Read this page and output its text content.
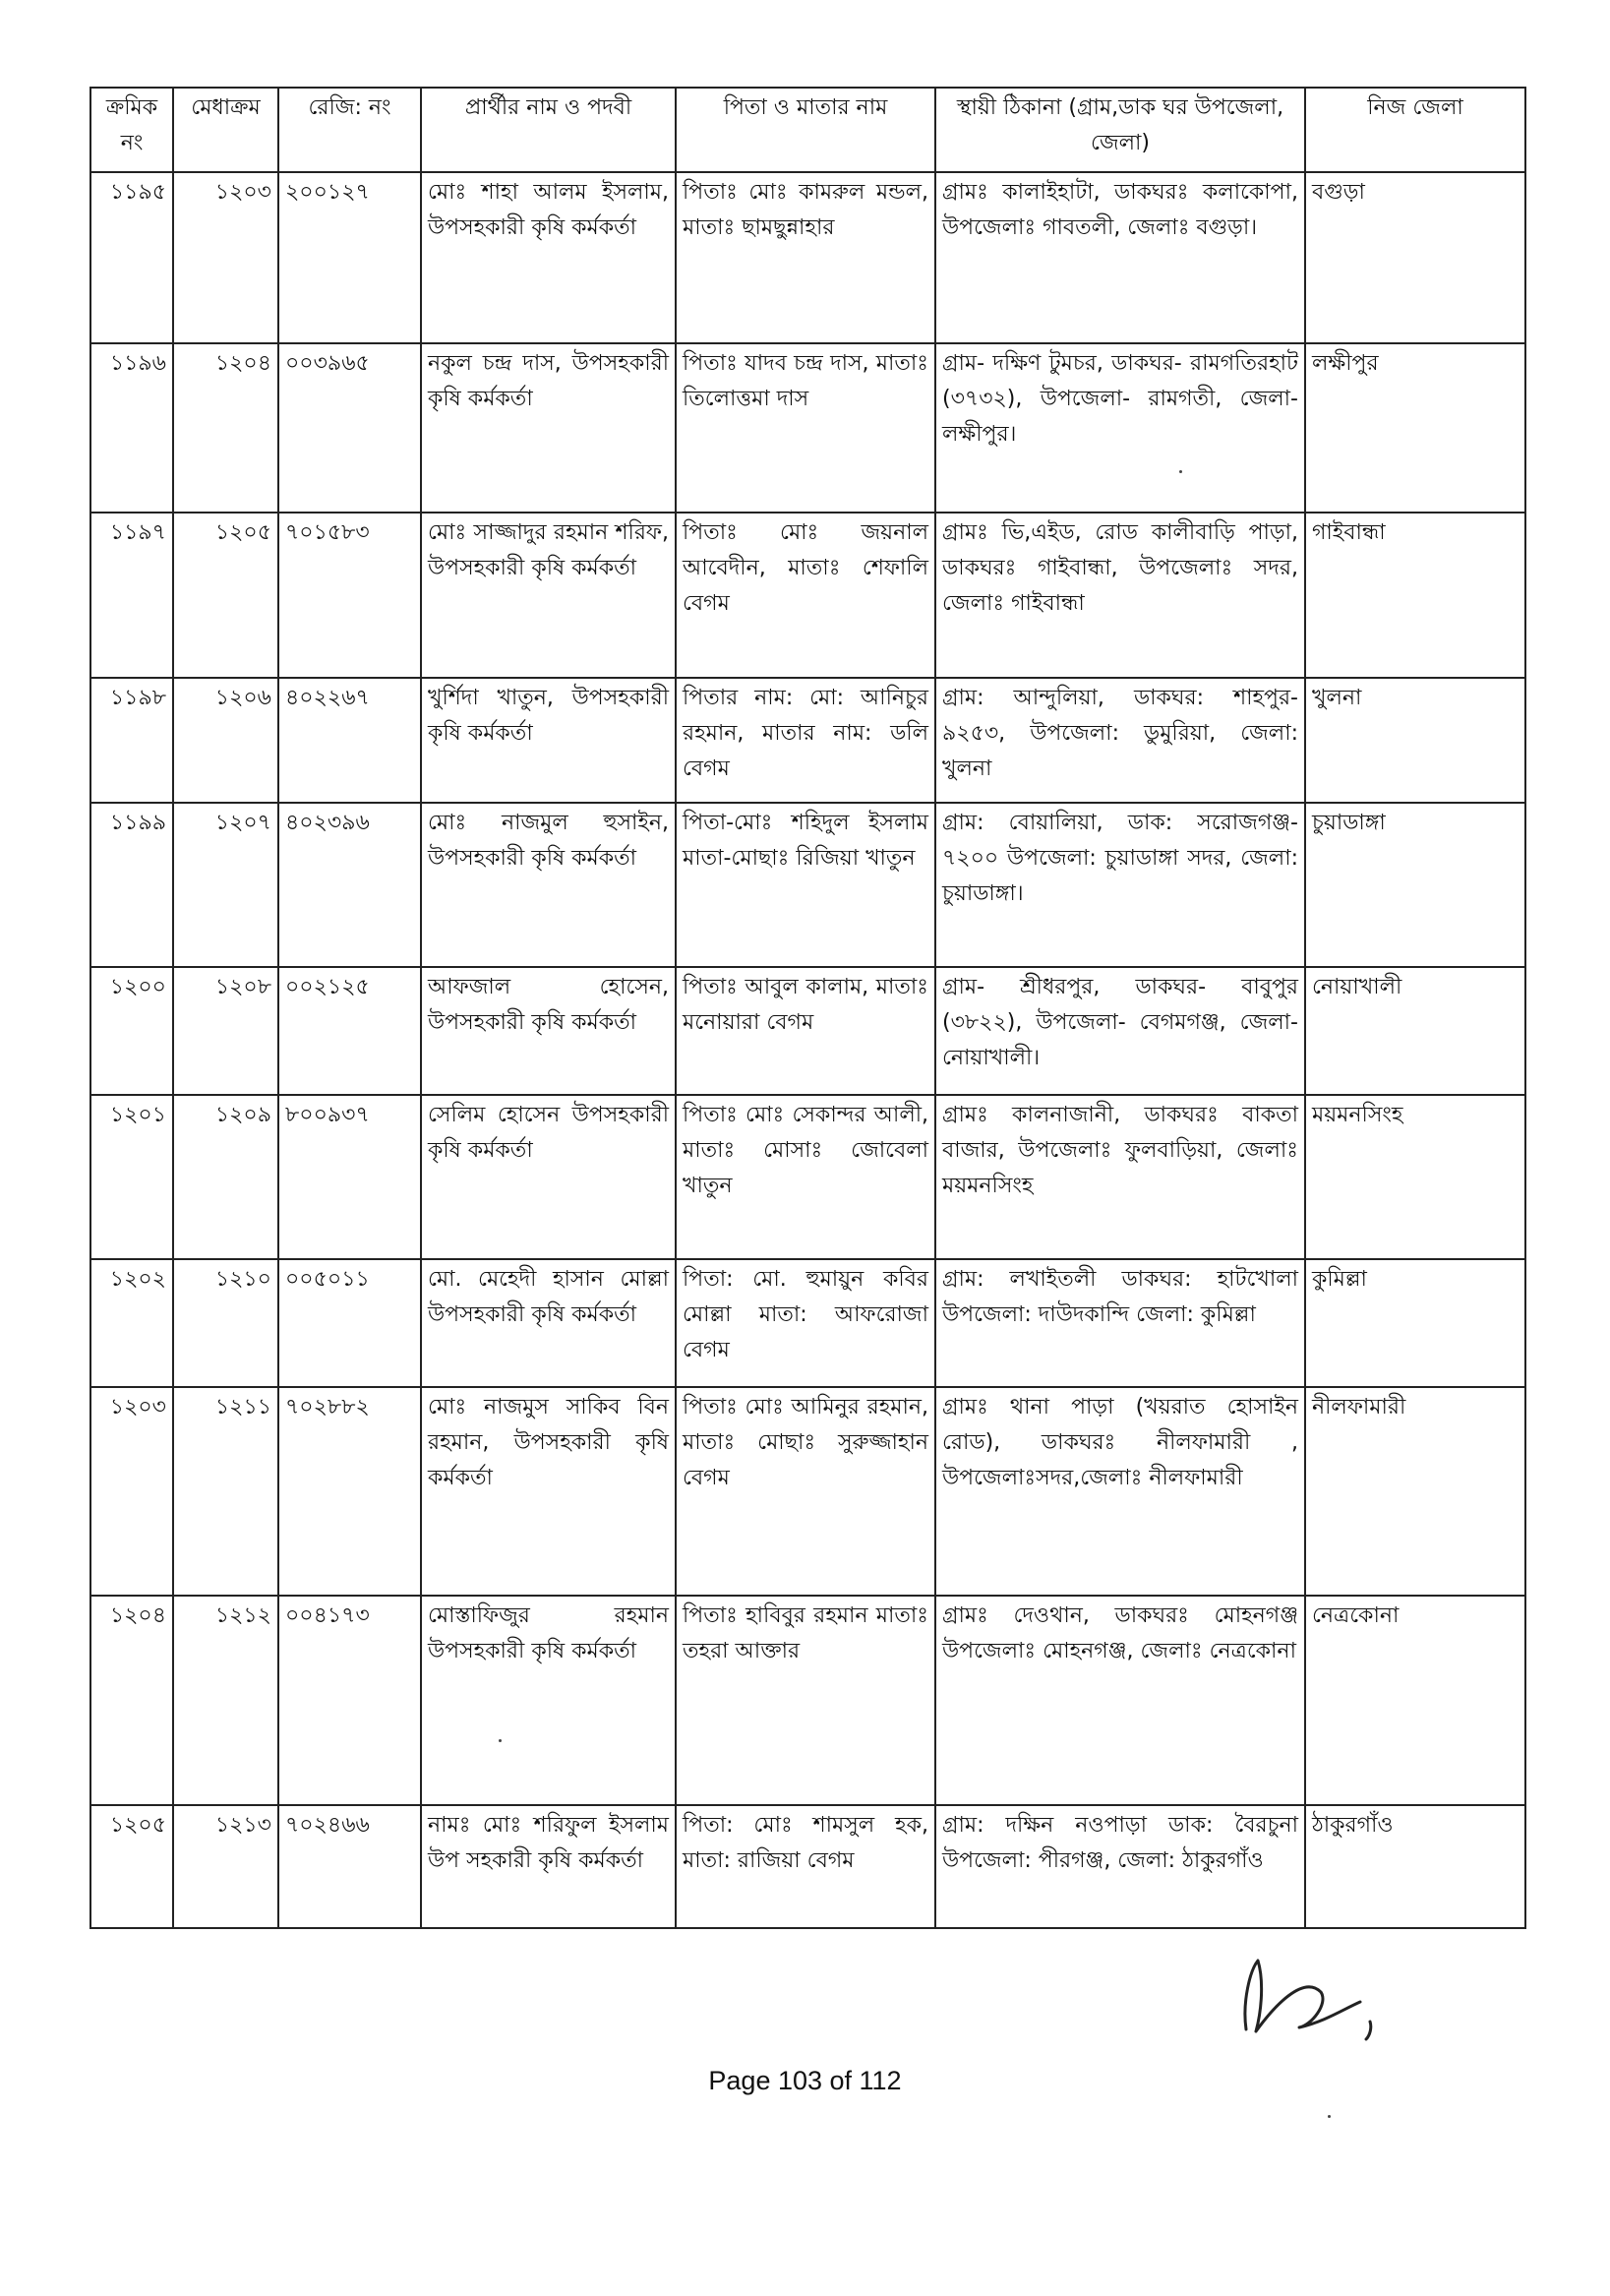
ক্রমিক নং	মেধাক্রম	রেজি: নং	প্রার্থীর নাম ও পদবী	পিতা ও মাতার নাম	স্থায়ী ঠিকানা (গ্রাম,ডাক ঘর উপজেলা, জেলা)	নিজ জেলা
১১৯৫	১২০৩	২০০১২৭	মোঃ শাহা আলম ইসলাম, উপসহকারী কৃষি কর্মকর্তা	পিতাঃ মোঃ কামরুল মন্ডল, মাতাঃ ছামছুন্নাহার	গ্রামঃ কালাইহাটা, ডাকঘরঃ কলাকোপা, উপজেলাঃ গাবতলী, জেলাঃ বগুড়া।	বগুড়া
১১৯৬	১২০৪	০০৩৯৬৫	নকুল চন্দ্র দাস, উপসহকারী কৃষি কর্মকর্তা	পিতাঃ যাদব চন্দ্র দাস, মাতাঃ তিলোত্তমা দাস	গ্রাম- দক্ষিণ টুমচর, ডাকঘর- রামগতিরহাট (৩৭৩২), উপজেলা- রামগতী, জেলা- লক্ষীপুর।	লক্ষীপুর
১১৯৭	১২০৫	৭০১৫৮৩	মোঃ সাজ্জাদুর রহমান শরিফ, উপসহকারী কৃষি কর্মকর্তা	পিতাঃ মোঃ জয়নাল আবেদীন, মাতাঃ শেফালি বেগম	গ্রামঃ ভি,এইড, রোড কালীবাড়ি পাড়া, ডাকঘরঃ গাইবান্ধা, উপজেলাঃ সদর, জেলাঃ গাইবান্ধা	গাইবান্ধা
১১৯৮	১২০৬	৪০২২৬৭	খুর্শিদা খাতুন, উপসহকারী কৃষি কর্মকর্তা	পিতার নাম: মো: আনিচুর রহমান, মাতার নাম: ডলি বেগম	গ্রাম: আন্দুলিয়া, ডাকঘর: শাহপুর- ৯২৫৩, উপজেলা: ডুমুরিয়া, জেলা: খুলনা	খুলনা
১১৯৯	১২০৭	৪০২৩৯৬	মোঃ নাজমুল হুসাইন, উপসহকারী কৃষি কর্মকর্তা	পিতা-মোঃ শহিদুল ইসলাম মাতা-মোছাঃ রিজিয়া খাতুন	গ্রাম: বোয়ালিয়া, ডাক: সরোজগঞ্জ- ৭২০০ উপজেলা: চুয়াডাঙ্গা সদর, জেলা: চুয়াডাঙ্গা।	চুয়াডাঙ্গা
১২০০	১২০৮	০০২১২৫	আফজাল হোসেন, উপসহকারী কৃষি কর্মকর্তা	পিতাঃ আবুল কালাম, মাতাঃ মনোয়ারা বেগম	গ্রাম- শ্রীধরপুর, ডাকঘর- বাবুপুর (৩৮২২), উপজেলা- বেগমগঞ্জ, জেলা- নোয়াখালী।	নোয়াখালী
১২০১	১২০৯	৮০০৯৩৭	সেলিম হোসেন উপসহকারী কৃষি কর্মকর্তা	পিতাঃ মোঃ সেকান্দর আলী, মাতাঃ মোসাঃ জোবেলা খাতুন	গ্রামঃ কালনাজানী, ডাকঘরঃ বাকতা বাজার, উপজেলাঃ ফুলবাড়িয়া, জেলাঃ ময়মনসিংহ	ময়মনসিংহ
১২০২	১২১০	০০৫০১১	মো. মেহেদী হাসান মোল্লা উপসহকারী কৃষি কর্মকর্তা	পিতা: মো. হুমায়ুন কবির মোল্লা মাতা: আফরোজা বেগম	গ্রাম: লখাইতলী ডাকঘর: হাটখোলা উপজেলা: দাউদকান্দি জেলা: কুমিল্লা	কুমিল্লা
১২০৩	১২১১	৭০২৮৮২	মোঃ নাজমুস সাকিব বিন রহমান, উপসহকারী কৃষি কর্মকর্তা	পিতাঃ মোঃ আমিনুর রহমান, মাতাঃ মোছাঃ সুরুজ্জাহান বেগম	গ্রামঃ থানা পাড়া (খয়রাত হোসাইন রোড), ডাকঘরঃ নীলফামারী , উপজেলাঃসদর,জেলাঃ নীলফামারী	নীলফামারী
১২০৪	১২১২	০০৪১৭৩	মোস্তাফিজুর রহমান উপসহকারী কৃষি কর্মকর্তা	পিতাঃ হাবিবুর রহমান মাতাঃ তহরা আক্তার	গ্রামঃ দেওথান, ডাকঘরঃ মোহনগঞ্জ উপজেলাঃ মোহনগঞ্জ, জেলাঃ নেত্রকোনা	নেত্রকোনা
১২০৫	১২১৩	৭০২৪৬৬	নামঃ মোঃ শরিফুল ইসলাম উপ সহকারী কৃষি কর্মকর্তা	পিতা: মোঃ শামসুল হক, মাতা: রাজিয়া বেগম	গ্রাম: দক্ষিন নওপাড়া ডাক: বৈরচুনা উপজেলা: পীরগঞ্জ, জেলা: ঠাকুরগাঁও	ঠাকুরগাঁও
Page 103 of 112
